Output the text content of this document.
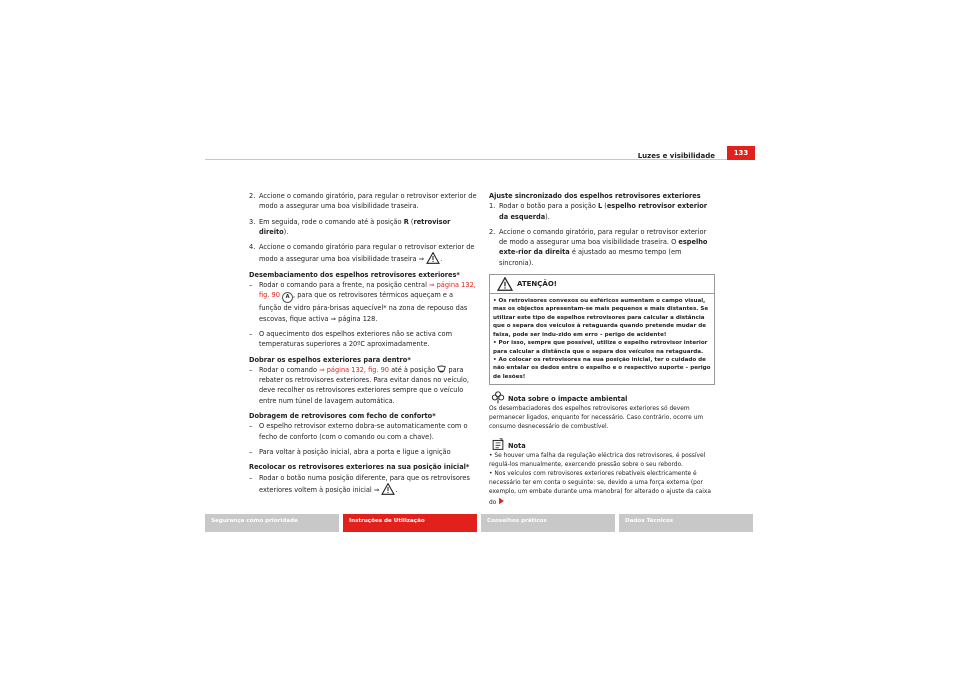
Luzes e visibilidade	133
2. Accione o comando giratório, para regular o retrovisor exterior de modo a assegurar uma boa visibilidade traseira.
3. Em seguida, rode o comando até à posição R (retrovisor direito).
4. Accione o comando giratório para regular o retrovisor exterior de modo a assegurar uma boa visibilidade traseira ⇒ .

Desembaciamento dos espelhos retrovisores exteriores*

– Rodar o comando para a frente, na posição central ⇒ página 132, fig. 90 A , para que os retrovisores térmicos aqueçam e a função de vidro pára-brisas aquecível* na zona de repouso das escovas, fique activa ⇒ página 128.
– O aquecimento dos espelhos exteriores não se activa com temperaturas superiores a 20ºC aproximadamente.

Dobrar os espelhos exteriores para dentro*

– Rodar o comando ⇒ página 132, fig. 90 até à posição  para rebater os retrovisores exteriores. Para evitar danos no veículo, deve recolher os retrovisores exteriores sempre que o veículo entre num túnel de lavagem automática.

Dobragem de retrovisores com fecho de conforto*

– O espelho retrovisor externo dobra-se automaticamente com o fecho de conforto (com o comando ou com a chave).
– Para voltar à posição inicial, abra a porta e ligue a ignição

Recolocar os retrovisores exteriores na sua posição inicial*

– Rodar o botão numa posição diferente, para que os retrovisores exteriores voltem à posição inicial ⇒ .

Ajuste sincronizado dos espelhos retrovisores exteriores

1. Rodar o botão para a posição L (espelho retrovisor exterior da esquerda).
2. Accione o comando giratório, para regular o retrovisor exterior de modo a assegurar uma boa visibilidade traseira. O espelho exte-rior da direita é ajustado ao mesmo tempo (em sincronia).
ATENÇÃO!

• Os retrovisores convexos ou esféricos aumentam o campo visual, mas os objectos apresentam-se mais pequenos e mais distantes. Se utilizar este tipo de espelhos retrovisores para calcular a distância que o separa dos veículos à retaguarda quando pretende mudar de faixa, pode ser indu-zido em erro – perigo de acidente!

• Por isso, sempre que possível, utilize o espelho retrovisor interior para calcular a distância que o separa dos veículos na retaguarda.

• Ao colocar os retrovisores na sua posição inicial, ter o cuidado de não entalar os dedos entre o espelho e o respectivo suporte – perigo de lesões!

Nota sobre o impacte ambiental

Os desembaciadores dos espelhos retrovisores exteriores só devem permanecer ligados, enquanto for necessário. Caso contrário, ocorre um consumo desnecessário de combustível.

Nota

• Se houver uma falha da regulação eléctrica dos retrovisores, é possível regulá-los manualmente, exercendo pressão sobre o seu rebordo.

• Nos veículos com retrovisores exteriores rebatíveis electricamente é necessário ter em conta o seguinte: se, devido a uma força externa (por exemplo, um embate durante uma manobra) for alterado o ajuste da caixa do

Segurança como prioridade	Instruções de Utilização	Conselhos práticos	Dados Técnicos
